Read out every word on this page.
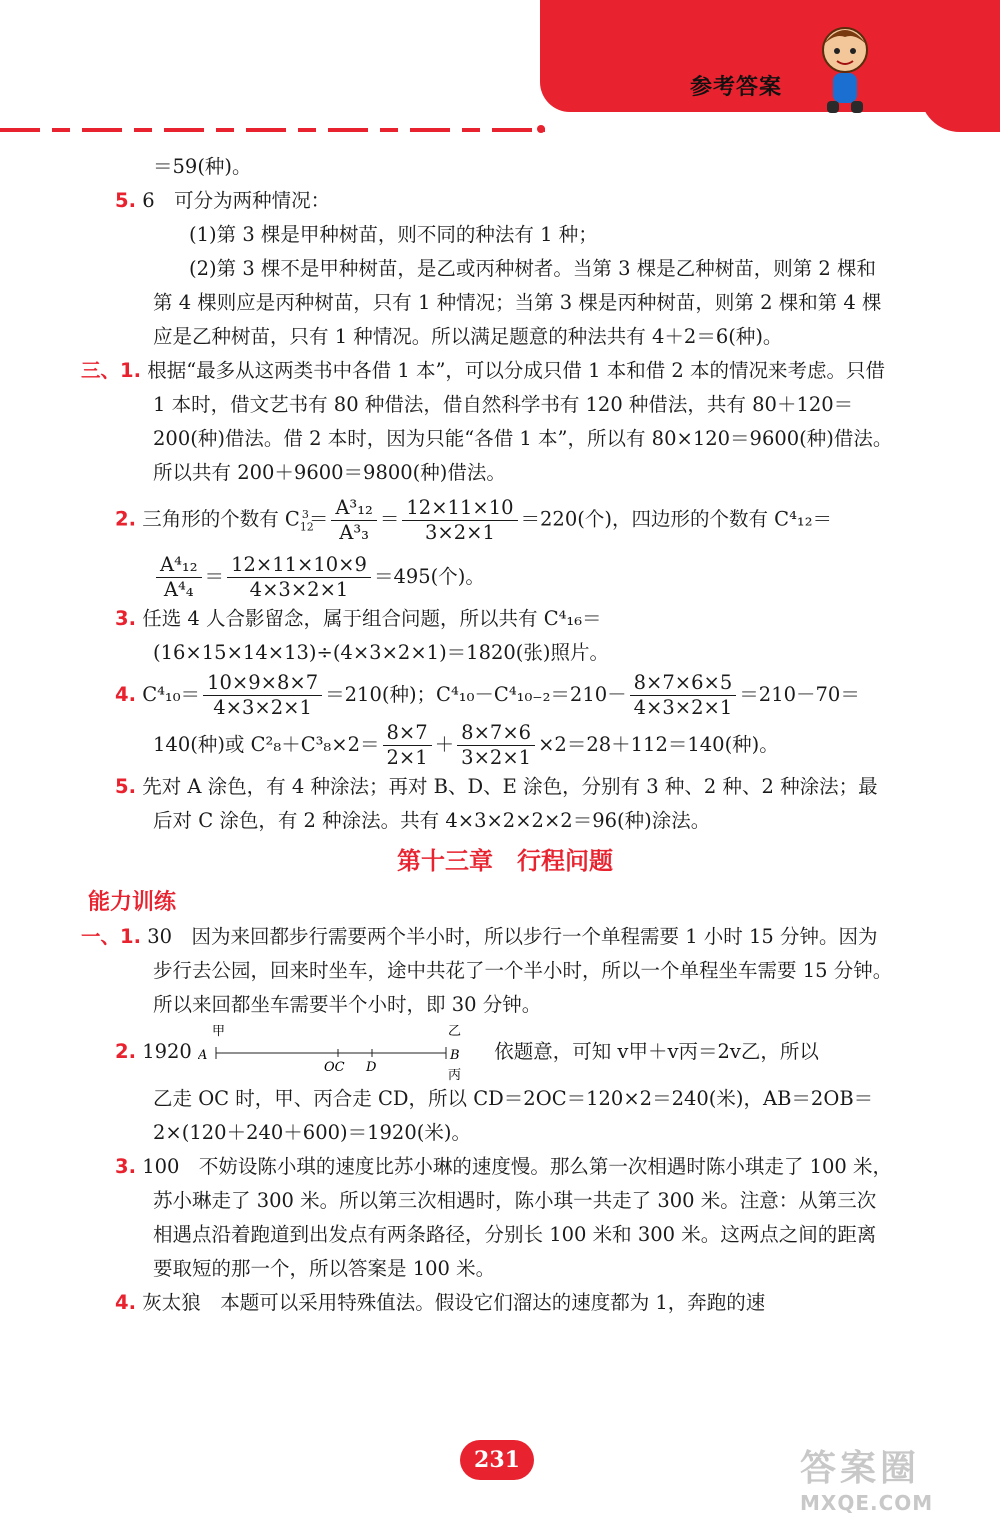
参考答案

＝59(种)。

5. 6　可分为两种情况：

(1)第 3 棵是甲种树苗，则不同的种法有 1 种；

(2)第 3 棵不是甲种树苗，是乙或丙种树者。当第 3 棵是乙种树苗，则第 2 棵和第 4 棵则应是丙种树苗，只有 1 种情况；当第 3 棵是丙种树苗，则第 2 棵和第 4 棵应是乙种树苗，只有 1 种情况。所以满足题意的种法共有 4＋2＝6(种)。

三、1. 根据“最多从这两类书中各借 1 本”，可以分成只借 1 本和借 2 本的情况来考虑。只借 1 本时，借文艺书有 80 种借法，借自然科学书有 120 种借法，共有 80＋120＝200(种)借法。借 2 本时，因为只能“各借 1 本”，所以有 80×120＝9600(种)借法。所以共有 200＋9600＝9800(种)借法。

2. 三角形的个数有 $C_{12}^3= \frac{\text{A³₁₂}}{\text{A³₃}} = \frac{12\times 11\times 10}{3\times 2\times 1} =220$(个)，四边形的个数有 C⁴₁₂＝

$\frac{\text{A⁴₁₂}}{\text{A⁴₄}} = \frac{12\times 11\times 10\times 9}{4\times 3\times 2\times 1} =495$(个)。

3. 任选 4 人合影留念，属于组合问题，所以共有 C⁴₁₆＝(16×15×14×13)÷(4×3×2×1)＝1820(张)照片。

4. $C^4_{10}= \frac{10\times 9\times 8\times 7}{4\times 3\times 2\times 1} =210$(种)；$C^4_{10}-C^4_{10-2}=210- \frac{8\times 7\times 6\times 5}{4\times 3\times 2\times 1} =210-70=$

140(种)或 $C^2_8+C^3_8\times 2= \frac{8\times 7}{2\times 1} + \frac{8\times 7\times 6}{3\times 2\times 1} \times 2=28+112=140$(种)。

5. 先对 A 涂色，有 4 种涂法；再对 B、D、E 涂色，分别有 3 种、2 种、2 种涂法；最后对 C 涂色，有 2 种涂法。共有 4×3×2×2×2＝96(种)涂法。

第十三章　行程问题
能力训练

一、1. 30　因为来回都步行需要两个半小时，所以步行一个单程需要 1 小时 15 分钟。因为步行去公园，回来时坐车，途中共花了一个半小时，所以一个单程坐车需要 15 分钟。所以来回都坐车需要半个小时，即 30 分钟。

2. 1920
甲	乙
A	B
丙
OC D
依题意，可知 v甲＋v丙＝2v乙，所以

乙走 OC 时，甲、丙合走 CD，所以 CD＝2OC＝120×2＝240(米)，AB＝2OB＝2×(120＋240＋600)＝1920(米)。

3. 100　不妨设陈小琪的速度比苏小琳的速度慢。那么第一次相遇时陈小琪走了 100 米，苏小琳走了 300 米。所以第三次相遇时，陈小琪一共走了 300 米。注意：从第三次相遇点沿着跑道到出发点有两条路径，分别长 100 米和 300 米。这两点之间的距离要取短的那一个，所以答案是 100 米。

4. 灰太狼　本题可以采用特殊值法。假设它们溜达的速度都为 1，奔跑的速

231	答案圈
MXQE.COM
